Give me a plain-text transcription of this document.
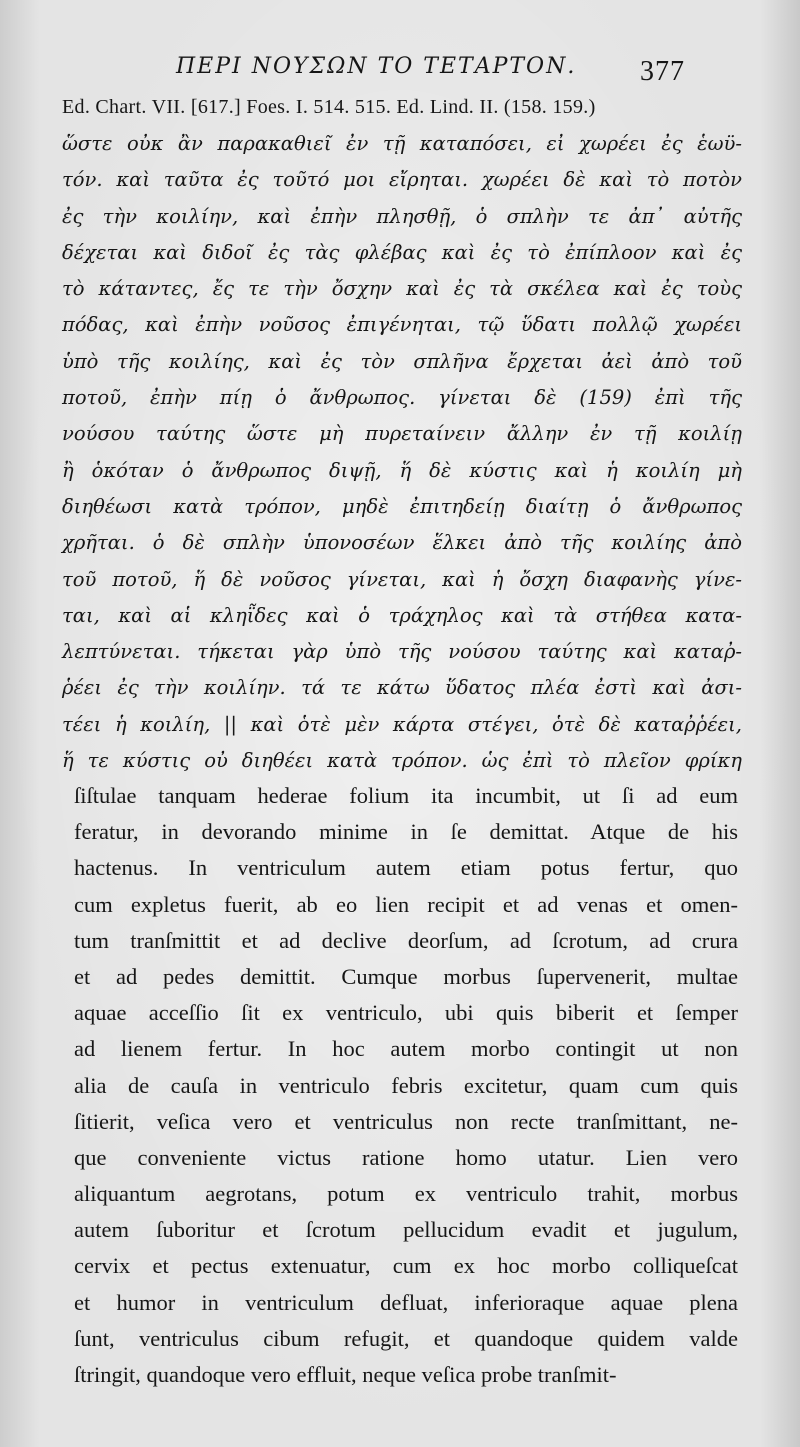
ΠΕΡΙ ΝΟΥΣΩΝ ΤΟ ΤΕΤΑΡΤΟΝ. 377
Ed. Chart. VII. [617.] Foes. I. 514. 515. Ed. Lind. II. (158. 159.)
ὥστε οὐκ ἂν παρακαθιεῖ ἐν τῇ καταπόσει, εἰ χωρέει ἐς ἑωϋ-
τόν. καὶ ταῦτα ἐς τοῦτό μοι εἴρηται. χωρέει δὲ καὶ τὸ ποτὸν
ἐς τὴν κοιλίην, καὶ ἐπὴν πλησθῇ, ὁ σπλὴν τε ἀπ᾽ αὐτῆς
δέχεται καὶ διδοῖ ἐς τὰς φλέβας καὶ ἐς τὸ ἐπίπλοον καὶ ἐς
τὸ κάταντες, ἔς τε τὴν ὄσχην καὶ ἐς τὰ σκέλεα καὶ ἐς τοὺς
πόδας, καὶ ἐπὴν νοῦσος ἐπιγένηται, τῷ ὕδατι πολλῷ χωρέει
ὑπὸ τῆς κοιλίης, καὶ ἐς τὸν σπλῆνα ἔρχεται ἀεὶ ἀπὸ τοῦ
ποτοῦ, ἐπὴν πίῃ ὁ ἄνθρωπος. γίνεται δὲ (159) ἐπὶ τῆς
νούσου ταύτης ὥστε μὴ πυρεταίνειν ἄλλην ἐν τῇ κοιλίῃ
ἢ ὁκόταν ὁ ἄνθρωπος διψῇ, ἥ δὲ κύστις καὶ ἡ κοιλίη μὴ
διηθέωσι κατὰ τρόπον, μηδὲ ἐπιτηδείῃ διαίτῃ ὁ ἄνθρωπος
χρῆται. ὁ δὲ σπλὴν ὑπονοσέων ἕλκει ἀπὸ τῆς κοιλίης ἀπὸ
τοῦ ποτοῦ, ἥ δὲ νοῦσος γίνεται, καὶ ἡ ὄσχη διαφανὴς γίνε-
ται, καὶ αἱ κληῗδες καὶ ὁ τράχηλος καὶ τὰ στήθεα κατα-
λεπτύνεται. τήκεται γὰρ ὑπὸ τῆς νούσου ταύτης καὶ καταῤ-
ῥέει ἐς τὴν κοιλίην. τά τε κάτω ὕδατος πλέα ἐστὶ καὶ ἀσι-
τέει ἡ κοιλίη, || καὶ ὁτὲ μὲν κάρτα στέγει, ὁτὲ δὲ καταῤῥέει,
ἥ τε κύστις οὐ διηθέει κατὰ τρόπον. ὡς ἐπὶ τὸ πλεῖον φρίκη
ſiſtulae tanquam hederae folium ita incumbit, ut ſi ad eum
feratur, in devorando minime in ſe demittat. Atque de his
hactenus. In ventriculum autem etiam potus fertur, quo
cum expletus fuerit, ab eo lien recipit et ad venas et omen-
tum tranſmittit et ad declive deorſum, ad ſcrotum, ad crura
et ad pedes demittit. Cumque morbus ſupervenerit, multae
aquae acceſſio ſit ex ventriculo, ubi quis biberit et ſemper
ad lienem fertur. In hoc autem morbo contingit ut non
alia de cauſa in ventriculo febris excitetur, quam cum quis
ſitierit, veſica vero et ventriculus non recte tranſmittant, ne-
que conveniente victus ratione homo utatur. Lien vero
aliquantum aegrotans, potum ex ventriculo trahit, morbus
autem ſuboritur et ſcrotum pellucidum evadit et jugulum,
cervix et pectus extenuatur, cum ex hoc morbo colliqueſcat
et humor in ventriculum defluat, inferioraque aquae plena
ſunt, ventriculus cibum refugit, et quandoque quidem valde
ſtringit, quandoque vero effluit, neque veſica probe tranſmit-
